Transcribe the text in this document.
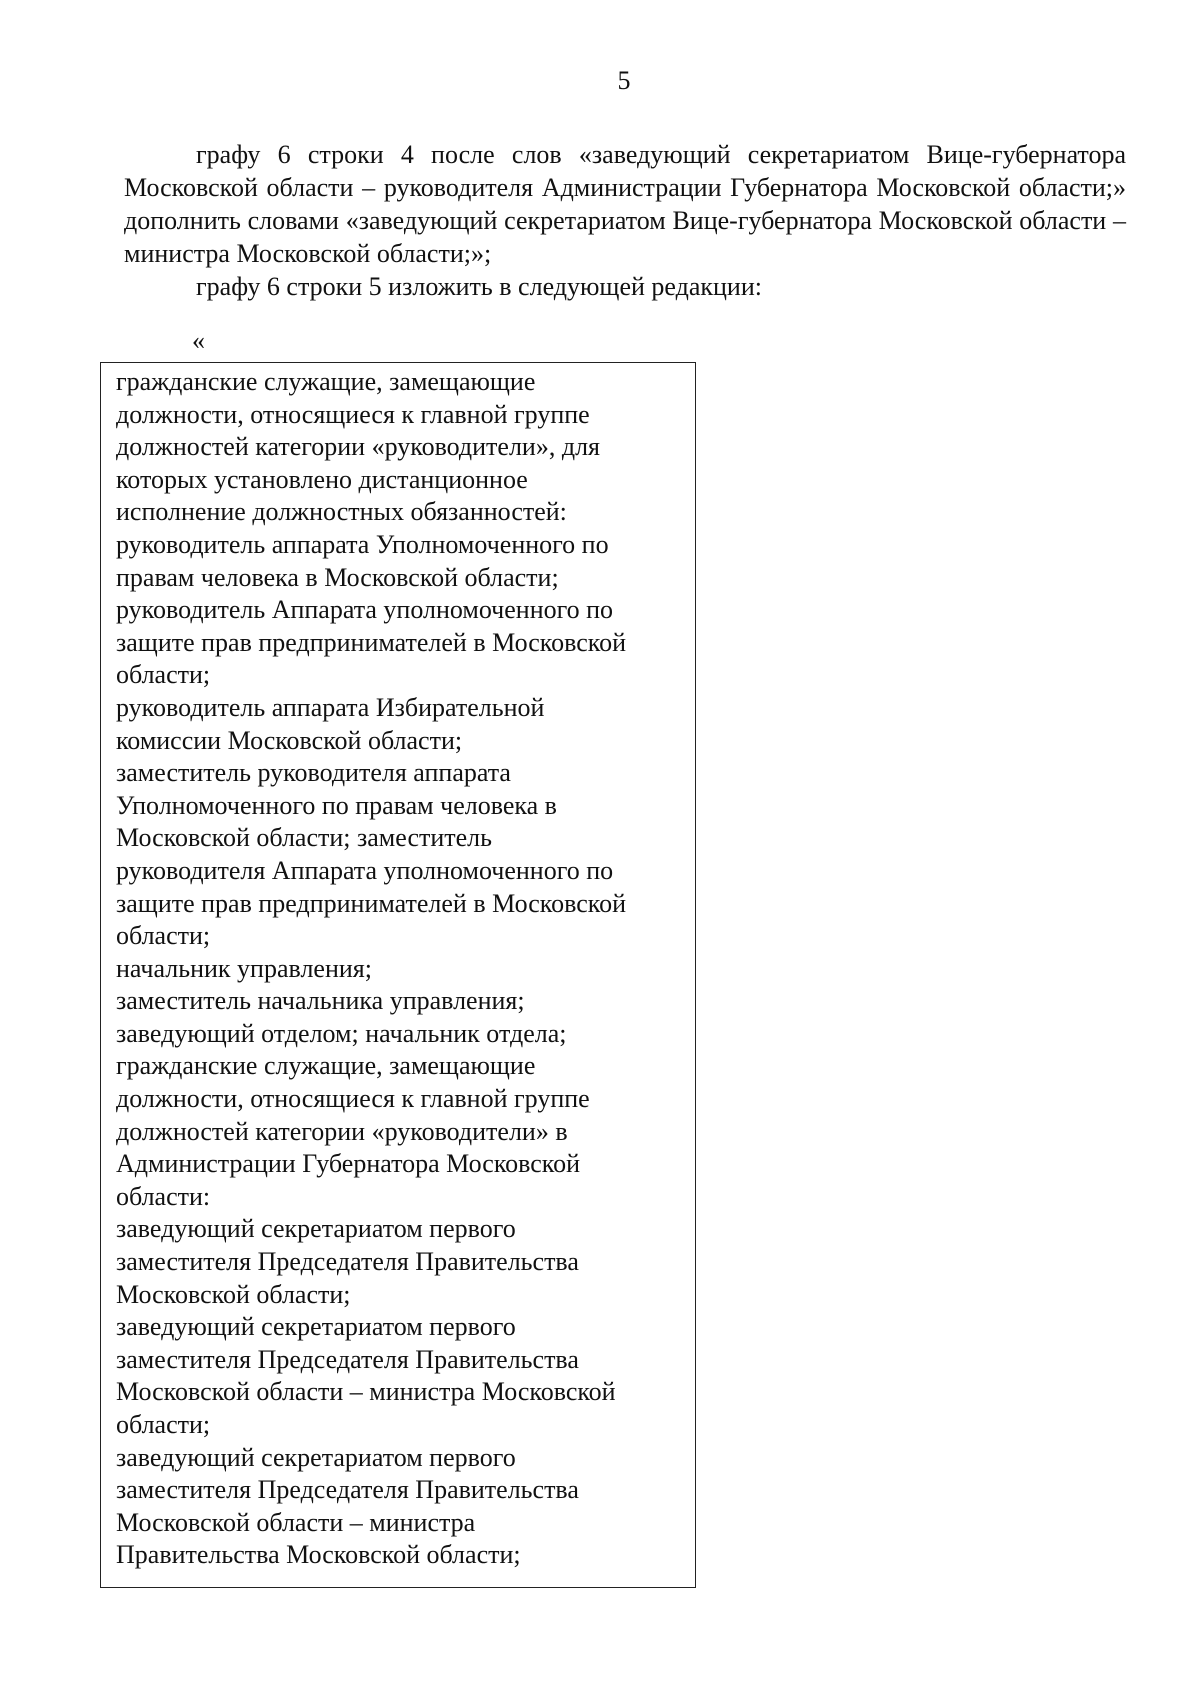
5

графу 6 строки 4 после слов «заведующий секретариатом Вице-губернатора Московской области – руководителя Администрации Губернатора Московской области;» дополнить словами «заведующий секретариатом Вице-губернатора Московской области – министра Московской области;»;

графу 6 строки 5 изложить в следующей редакции:

«
гражданские служащие, замещающие
должности, относящиеся к главной группе
должностей категории «руководители», для
которых установлено дистанционное
исполнение должностных обязанностей:
руководитель аппарата Уполномоченного по
правам человека в Московской области;
руководитель Аппарата уполномоченного по
защите прав предпринимателей в Московской
области;
руководитель аппарата Избирательной
комиссии Московской области;
заместитель руководителя аппарата
Уполномоченного по правам человека в
Московской области; заместитель
руководителя Аппарата уполномоченного по
защите прав предпринимателей в Московской
области;
начальник управления;
заместитель начальника управления;
заведующий отделом; начальник отдела;
гражданские служащие, замещающие
должности, относящиеся к главной группе
должностей категории «руководители» в
Администрации Губернатора Московской
области:
заведующий секретариатом первого
заместителя Председателя Правительства
Московской области;
заведующий секретариатом первого
заместителя Председателя Правительства
Московской области – министра Московской
области;
заведующий секретариатом первого
заместителя Председателя Правительства
Московской области – министра
Правительства Московской области;
